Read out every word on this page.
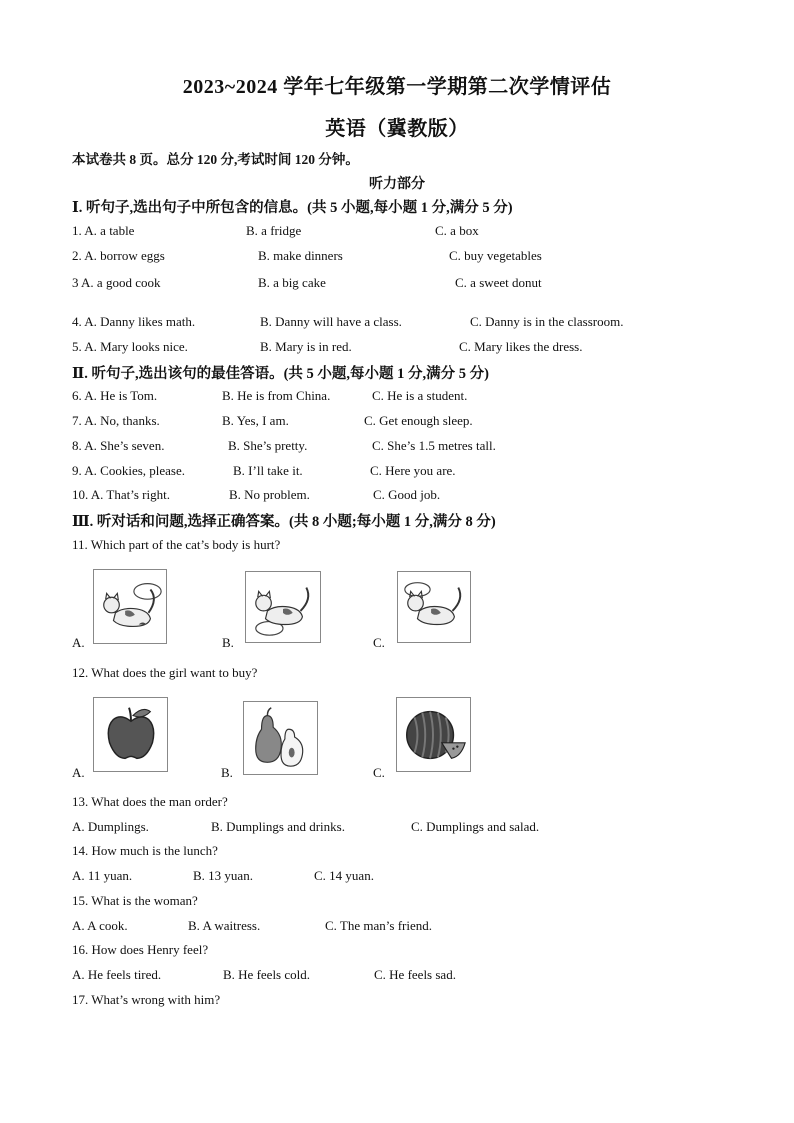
2023~2024 学年七年级第一学期第二次学情评估
英语（冀教版）
本试卷共 8 页。总分 120 分,考试时间 120 分钟。
听力部分
Ⅰ. 听句子,选出句子中所包含的信息。(共 5 小题,每小题 1 分,满分 5 分)
1. A. a table	B. a fridge	C. a box
2. A. borrow eggs	B. make dinners	C. buy vegetables
3 A. a good cook	B. a big cake	C. a sweet donut
4. A. Danny likes math.	B. Danny will have a class.	C. Danny is in the classroom.
5. A. Mary looks nice.	B. Mary is in red.	C. Mary likes the dress.
Ⅱ. 听句子,选出该句的最佳答语。(共 5 小题,每小题 1 分,满分 5 分)
6. A. He is Tom.	B. He is from China.	C. He is a student.
7. A. No, thanks.	B. Yes, I am.	C. Get enough sleep.
8. A. She’s seven.	B. She’s pretty.	C. She’s 1.5 metres tall.
9. A. Cookies, please.	B. I’ll take it.	C. Here you are.
10. A. That’s right.	B. No problem.	C. Good job.
Ⅲ. 听对话和问题,选择正确答案。(共 8 小题;每小题 1 分,满分 8 分)
11. Which part of the cat’s body is hurt?
A.	B.	C.
12. What does the girl want to buy?
A.	B.	C.
13. What does the man order?
A. Dumplings.	B. Dumplings and drinks.	C. Dumplings and salad.
14. How much is the lunch?
A. 11 yuan.	B. 13 yuan.	C. 14 yuan.
15. What is the woman?
A. A cook.	B. A waitress.	C. The man’s friend.
16. How does Henry feel?
A. He feels tired.	B. He feels cold.	C. He feels sad.
17. What’s wrong with him?
